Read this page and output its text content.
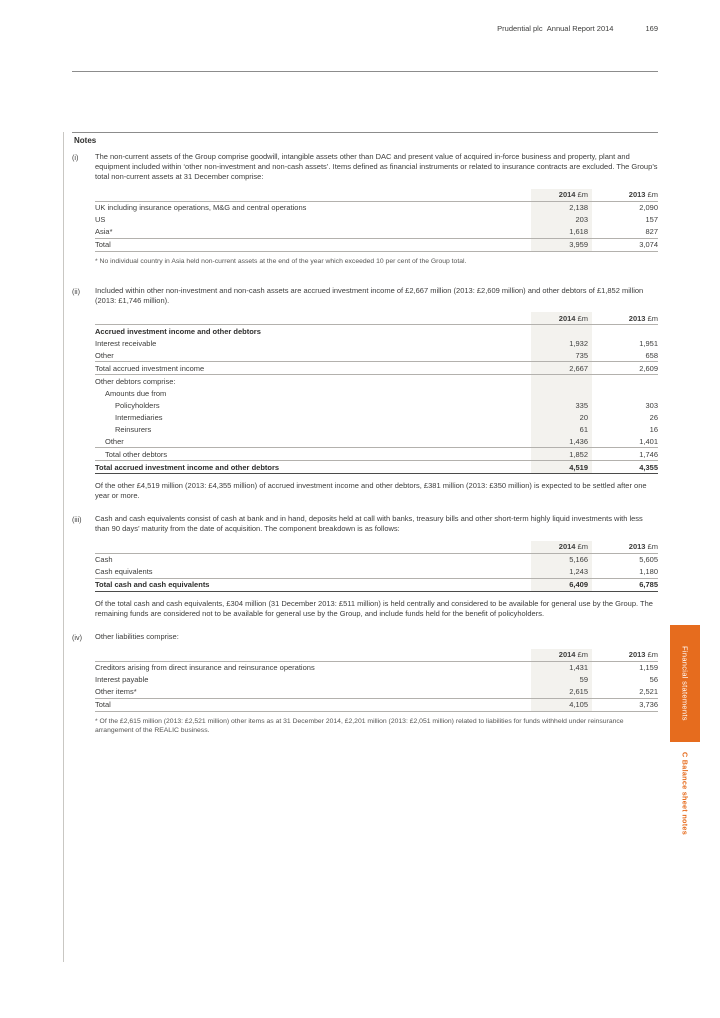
Prudential plc  Annual Report 2014	169
Notes
(i)	The non-current assets of the Group comprise goodwill, intangible assets other than DAC and present value of acquired in-force business and property, plant and equipment included within ‘other non-investment and non-cash assets’. Items defined as financial instruments or related to insurance contracts are excluded. The Group’s total non-current assets at 31 December comprise:

2014 £m	2013 £m
UK including insurance operations, M&G and central operations	2,138	2,090
US	203	157
Asia*	1,618	827
Total	3,959	3,074

* No individual country in Asia held non-current assets at the end of the year which exceeded 10 per cent of the Group total.

(ii)	Included within other non-investment and non-cash assets are accrued investment income of £2,667 million (2013: £2,609 million) and other debtors of £1,852 million (2013: £1,746 million).

2014 £m	2013 £m
Accrued investment income and other debtors
Interest receivable	1,932	1,951
Other	735	658
Total accrued investment income	2,667	2,609
Other debtors comprise:
Amounts due from
Policyholders	335	303
Intermediaries	20	26
Reinsurers	61	16
Other	1,436	1,401
Total other debtors	1,852	1,746
Total accrued investment income and other debtors	4,519	4,355

Of the other £4,519 million (2013: £4,355 million) of accrued investment income and other debtors, £381 million (2013: £350 million) is expected to be settled after one year or more.

(iii)	Cash and cash equivalents consist of cash at bank and in hand, deposits held at call with banks, treasury bills and other short-term highly liquid investments with less than 90 days’ maturity from the date of acquisition. The component breakdown is as follows:

2014 £m	2013 £m
Cash	5,166	5,605
Cash equivalents	1,243	1,180
Total cash and cash equivalents	6,409	6,785

Of the total cash and cash equivalents, £304 million (31 December 2013: £511 million) is held centrally and considered to be available for general use by the Group. The remaining funds are considered not to be available for general use by the Group, and include funds held for the benefit of policyholders.

(iv)	Other liabilities comprise:

2014 £m	2013 £m
Creditors arising from direct insurance and reinsurance operations	1,431	1,159
Interest payable	59	56
Other items*	2,615	2,521
Total	4,105	3,736

* Of the £2,615 million (2013: £2,521 million) other items as at 31 December 2014, £2,201 million (2013: £2,051 million) related to liabilities for funds withheld under reinsurance arrangement of the REALIC business.

Financial statements
C Balance sheet notes
